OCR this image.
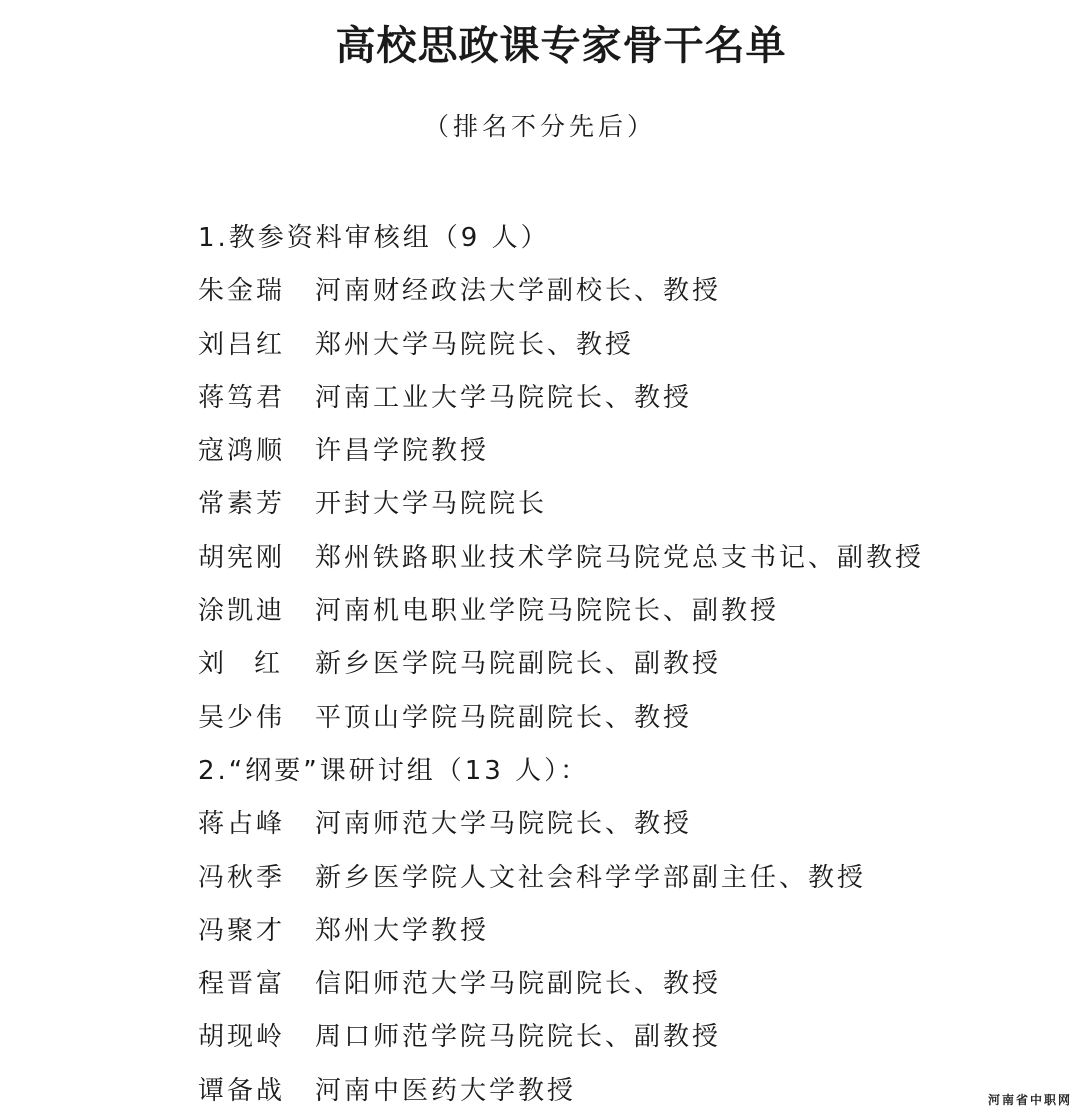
高校思政课专家骨干名单
（排名不分先后）
1.教参资料审核组（9 人）
朱金瑞 河南财经政法大学副校长、教授
刘吕红 郑州大学马院院长、教授
蒋笃君 河南工业大学马院院长、教授
寇鸿顺 许昌学院教授
常素芳 开封大学马院院长
胡宪刚 郑州铁路职业技术学院马院党总支书记、副教授
涂凯迪 河南机电职业学院马院院长、副教授
刘红 新乡医学院马院副院长、副教授
吴少伟 平顶山学院马院副院长、教授
2.“纲要”课研讨组（13 人）：
蒋占峰 河南师范大学马院院长、教授
冯秋季 新乡医学院人文社会科学学部副主任、教授
冯聚才 郑州大学教授
程晋富 信阳师范大学马院副院长、教授
胡现岭 周口师范学院马院院长、副教授
谭备战 河南中医药大学教授	河南省中职网
